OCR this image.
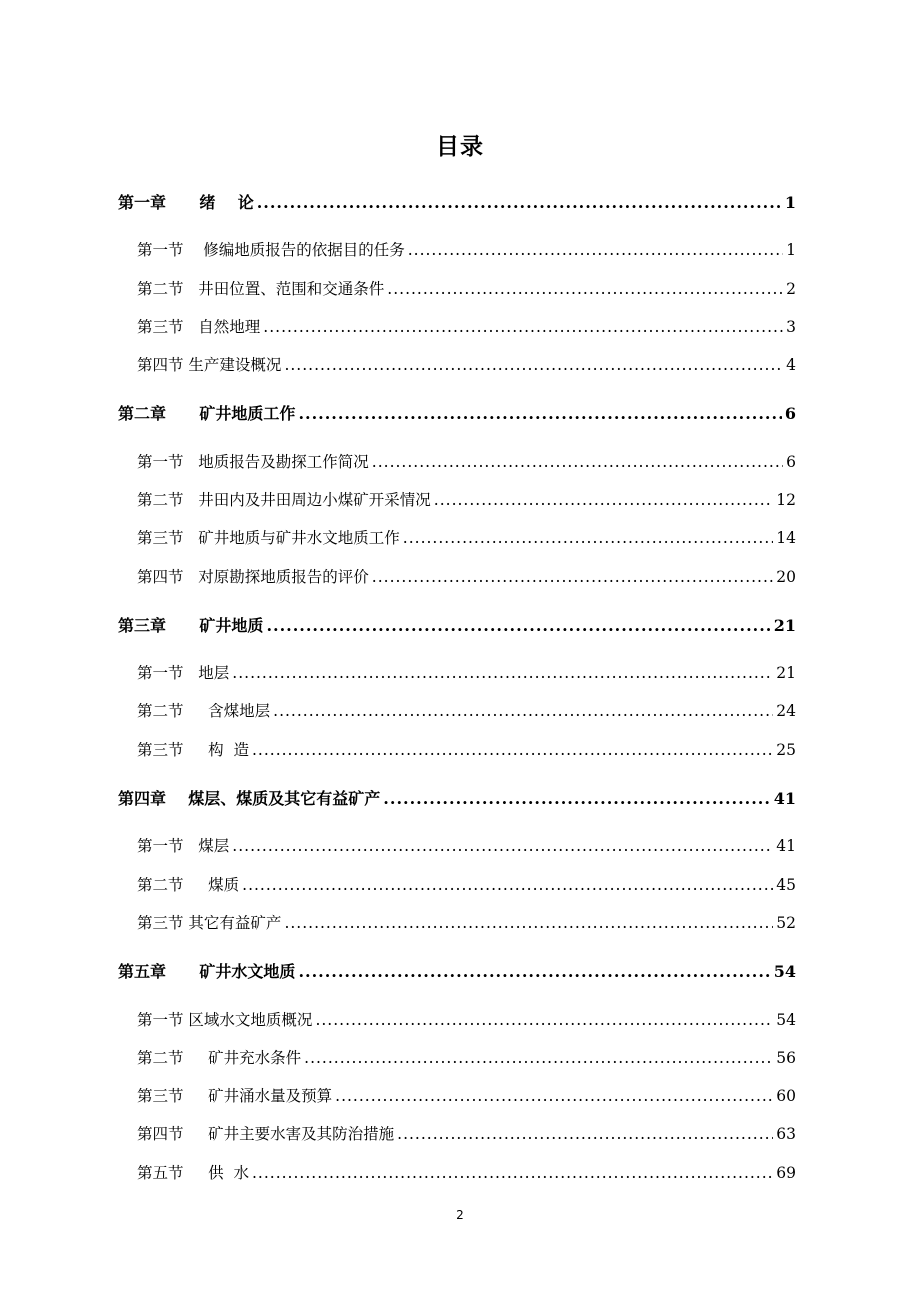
目录
第一章      绪    论 .....	1
第一节    修编地质报告的依据目的任务 .....	1
第二节   井田位置、范围和交通条件 .....	2
第三节   自然地理 .....	3
第四节 生产建设概况 .....	4
第二章      矿井地质工作 .....	6
第一节   地质报告及勘探工作简况 .....	6
第二节   井田内及井田周边小煤矿开采情况 .....	12
第三节   矿井地质与矿井水文地质工作 .....	14
第四节   对原勘探地质报告的评价 .....	20
第三章      矿井地质 .....	21
第一节   地层 .....	21
第二节     含煤地层 .....	24
第三节     构  造 .....	25
第四章    煤层、煤质及其它有益矿产 .....	41
第一节   煤层 .....	41
第二节     煤质 .....	45
第三节 其它有益矿产 .....	52
第五章      矿井水文地质 .....	54
第一节 区域水文地质概况 .....	54
第二节     矿井充水条件 .....	56
第三节     矿井涌水量及预算 .....	60
第四节     矿井主要水害及其防治措施 .....	63
第五节     供  水 .....	69
2
